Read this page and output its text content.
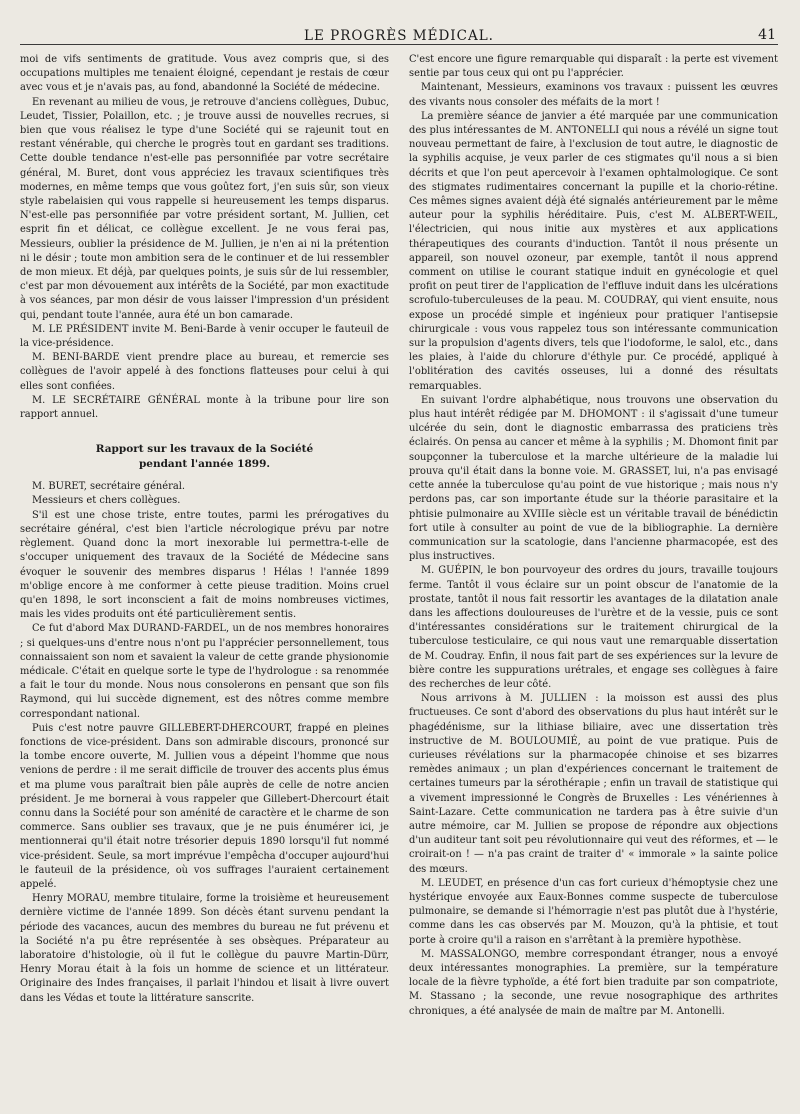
LE PROGRÈS MÉDICAL.	41

moi de vifs sentiments de gratitude. Vous avez compris que, si des occupations multiples me tenaient éloigné, cependant je restais de cœur avec vous et je n'avais pas, au fond, abandonné la Société de médecine.

En revenant au milieu de vous, je retrouve d'anciens collègues, Dubuc, Leudet, Tissier, Polaillon, etc. ; je trouve aussi de nouvelles recrues, si bien que vous réalisez le type d'une Société qui se rajeunit tout en restant vénérable, qui cherche le progrès tout en gardant ses traditions. Cette double tendance n'est-elle pas personnifiée par votre secrétaire général, M. Buret, dont vous appréciez les travaux scientifiques très modernes, en même temps que vous goûtez fort, j'en suis sûr, son vieux style rabelaisien qui vous rappelle si heureusement les temps disparus. N'est-elle pas personnifiée par votre président sortant, M. Jullien, cet esprit fin et délicat, ce collègue excellent. Je ne vous ferai pas, Messieurs, oublier la présidence de M. Jullien, je n'en ai ni la prétention ni le désir ; toute mon ambition sera de le continuer et de lui ressembler de mon mieux. Et déjà, par quelques points, je suis sûr de lui ressembler, c'est par mon dévouement aux intérêts de la Société, par mon exactitude à vos séances, par mon désir de vous laisser l'impression d'un président qui, pendant toute l'année, aura été un bon camarade.

M. LE PRÉSIDENT invite M. Beni-Barde à venir occuper le fauteuil de la vice-présidence.

M. BENI-BARDE vient prendre place au bureau, et remercie ses collègues de l'avoir appelé à des fonctions flatteuses pour celui à qui elles sont confiées.

M. LE SECRÉTAIRE GÉNÉRAL monte à la tribune pour lire son rapport annuel.

Rapport sur les travaux de la Société
pendant l'année 1899.

M. BURET, secrétaire général.

Messieurs et chers collègues.

S'il est une chose triste, entre toutes, parmi les prérogatives du secrétaire général, c'est bien l'article nécrologique prévu par notre règlement. Quand donc la mort inexorable lui permettra-t-elle de s'occuper uniquement des travaux de la Société de Médecine sans évoquer le souvenir des membres disparus ! Hélas ! l'année 1899 m'oblige encore à me conformer à cette pieuse tradition. Moins cruel qu'en 1898, le sort inconscient a fait de moins nombreuses victimes, mais les vides produits ont été particulièrement sentis.

Ce fut d'abord Max DURAND-FARDEL, un de nos membres honoraires ; si quelques-uns d'entre nous n'ont pu l'apprécier personnellement, tous connaissaient son nom et savaient la valeur de cette grande physionomie médicale. C'était en quelque sorte le type de l'hydrologue : sa renommée a fait le tour du monde. Nous nous consolerons en pensant que son fils Raymond, qui lui succède dignement, est des nôtres comme membre correspondant national.

Puis c'est notre pauvre GILLEBERT-DHERCOURT, frappé en pleines fonctions de vice-président. Dans son admirable discours, prononcé sur la tombe encore ouverte, M. Jullien vous a dépeint l'homme que nous venions de perdre : il me serait difficile de trouver des accents plus émus et ma plume vous paraîtrait bien pâle auprès de celle de notre ancien président. Je me bornerai à vous rappeler que Gillebert-Dhercourt était connu dans la Société pour son aménité de caractère et le charme de son commerce. Sans oublier ses travaux, que je ne puis énumérer ici, je mentionnerai qu'il était notre trésorier depuis 1890 lorsqu'il fut nommé vice-président. Seule, sa mort imprévue l'empêcha d'occuper aujourd'hui le fauteuil de la présidence, où vos suffrages l'auraient certainement appelé.

Henry MORAU, membre titulaire, forme la troisième et heureusement dernière victime de l'année 1899. Son décès étant survenu pendant la période des vacances, aucun des membres du bureau ne fut prévenu et la Société n'a pu être représentée à ses obsèques. Préparateur au laboratoire d'histologie, où il fut le collègue du pauvre Martin-Dürr, Henry Morau était à la fois un homme de science et un littérateur. Originaire des Indes françaises, il parlait l'hindou et lisait à livre ouvert dans les Védas et toute la littérature sanscrite.

C'est encore une figure remarquable qui disparaît : la perte est vivement sentie par tous ceux qui ont pu l'apprécier.

Maintenant, Messieurs, examinons vos travaux : puissent les œuvres des vivants nous consoler des méfaits de la mort !

La première séance de janvier a été marquée par une communication des plus intéressantes de M. ANTONELLI qui nous a révélé un signe tout nouveau permettant de faire, à l'exclusion de tout autre, le diagnostic de la syphilis acquise, je veux parler de ces stigmates qu'il nous a si bien décrits et que l'on peut apercevoir à l'examen ophtalmologique. Ce sont des stigmates rudimentaires concernant la pupille et la chorio-rétine. Ces mêmes signes avaient déjà été signalés antérieurement par le même auteur pour la syphilis héréditaire. Puis, c'est M. ALBERT-WEIL, l'électricien, qui nous initie aux mystères et aux applications thérapeutiques des courants d'induction. Tantôt il nous présente un appareil, son nouvel ozoneur, par exemple, tantôt il nous apprend comment on utilise le courant statique induit en gynécologie et quel profit on peut tirer de l'application de l'effluve induit dans les ulcérations scrofulo-tuberculeuses de la peau. M. COUDRAY, qui vient ensuite, nous expose un procédé simple et ingénieux pour pratiquer l'antisepsie chirurgicale : vous vous rappelez tous son intéressante communication sur la propulsion d'agents divers, tels que l'iodoforme, le salol, etc., dans les plaies, à l'aide du chlorure d'éthyle pur. Ce procédé, appliqué à l'oblitération des cavités osseuses, lui a donné des résultats remarquables.

En suivant l'ordre alphabétique, nous trouvons une observation du plus haut intérêt rédigée par M. DHOMONT : il s'agissait d'une tumeur ulcérée du sein, dont le diagnostic embarrassa des praticiens très éclairés. On pensa au cancer et même à la syphilis ; M. Dhomont finit par soupçonner la tuberculose et la marche ultérieure de la maladie lui prouva qu'il était dans la bonne voie. M. GRASSET, lui, n'a pas envisagé cette année la tuberculose qu'au point de vue historique ; mais nous n'y perdons pas, car son importante étude sur la théorie parasitaire et la phtisie pulmonaire au XVIIIe siècle est un véritable travail de bénédictin fort utile à consulter au point de vue de la bibliographie. La dernière communication sur la scatologie, dans l'ancienne pharmacopée, est des plus instructives.

M. GUÉPIN, le bon pourvoyeur des ordres du jours, travaille toujours ferme. Tantôt il vous éclaire sur un point obscur de l'anatomie de la prostate, tantôt il nous fait ressortir les avantages de la dilatation anale dans les affections douloureuses de l'urètre et de la vessie, puis ce sont d'intéressantes considérations sur le traitement chirurgical de la tuberculose testiculaire, ce qui nous vaut une remarquable dissertation de M. Coudray. Enfin, il nous fait part de ses expériences sur la levure de bière contre les suppurations urétrales, et engage ses collègues à faire des recherches de leur côté.

Nous arrivons à M. JULLIEN : la moisson est aussi des plus fructueuses. Ce sont d'abord des observations du plus haut intérêt sur le phagédénisme, sur la lithiase biliaire, avec une dissertation très instructive de M. BOULOUMIÉ, au point de vue pratique. Puis de curieuses révélations sur la pharmacopée chinoise et ses bizarres remèdes animaux ; un plan d'expériences concernant le traitement de certaines tumeurs par la sérothérapie ; enfin un travail de statistique qui a vivement impressionné le Congrès de Bruxelles : Les vénériennes à Saint-Lazare. Cette communication ne tardera pas à être suivie d'un autre mémoire, car M. Jullien se propose de répondre aux objections d'un auditeur tant soit peu révolutionnaire qui veut des réformes, et — le croirait-on ! — n'a pas craint de traiter d' « immorale » la sainte police des mœurs.

M. LEUDET, en présence d'un cas fort curieux d'hémoptysie chez une hystérique envoyée aux Eaux-Bonnes comme suspecte de tuberculose pulmonaire, se demande si l'hémorragie n'est pas plutôt due à l'hystérie, comme dans les cas observés par M. Mouzon, qu'à la phtisie, et tout porte à croire qu'il a raison en s'arrêtant à la première hypothèse.

M. MASSALONGO, membre correspondant étranger, nous a envoyé deux intéressantes monographies. La première, sur la température locale de la fièvre typhoïde, a été fort bien traduite par son compatriote, M. Stassano ; la seconde, une revue nosographique des arthrites chroniques, a été analysée de main de maître par M. Antonelli.
